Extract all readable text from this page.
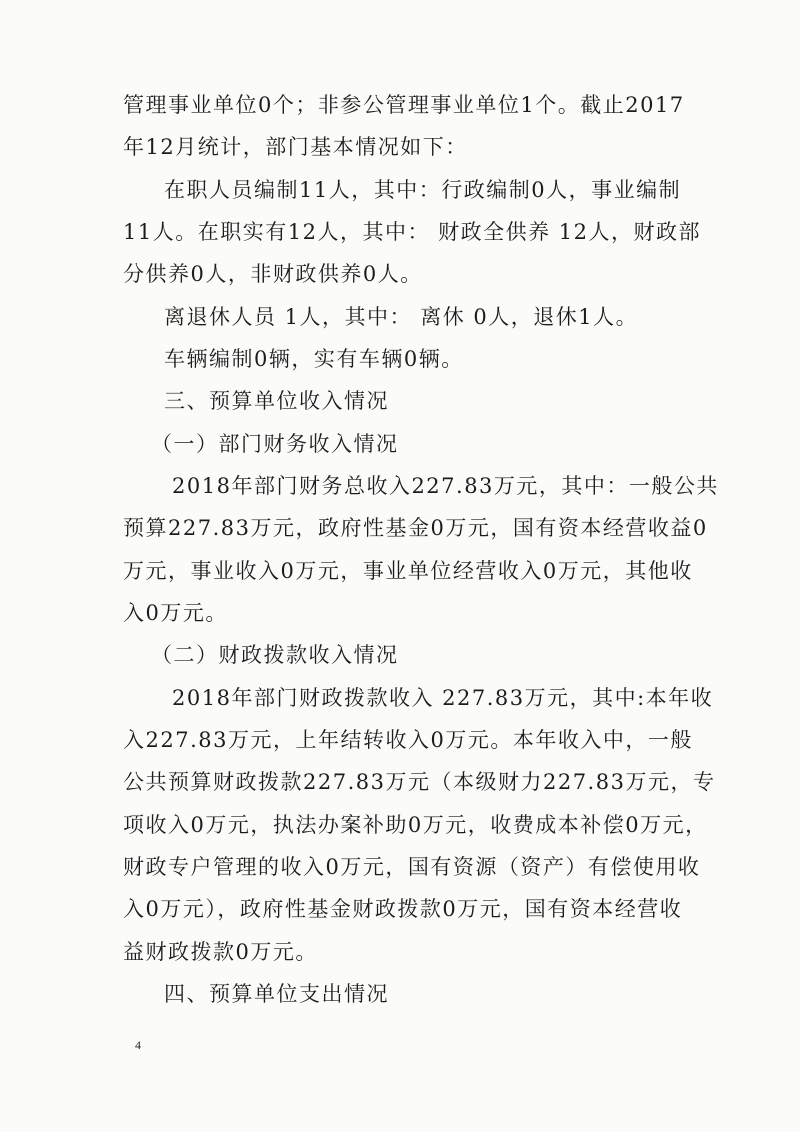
管理事业单位0个；非参公管理事业单位1个。截止2017
年12月统计，部门基本情况如下：
在职人员编制11人，其中：行政编制0人，事业编制
11人。在职实有12人，其中： 财政全供养 12人，财政部
分供养0人，非财政供养0人。
离退休人员 1人，其中： 离休 0人，退休1人。
车辆编制0辆，实有车辆0辆。
三、预算单位收入情况
（一）部门财务收入情况
2018年部门财务总收入227.83万元，其中：一般公共
预算227.83万元，政府性基金0万元，国有资本经营收益0
万元，事业收入0万元，事业单位经营收入0万元，其他收
入0万元。
（二）财政拨款收入情况
2018年部门财政拨款收入 227.83万元，其中:本年收
入227.83万元，上年结转收入0万元。本年收入中，一般
公共预算财政拨款227.83万元（本级财力227.83万元，专
项收入0万元，执法办案补助0万元，收费成本补偿0万元，
财政专户管理的收入0万元，国有资源（资产）有偿使用收
入0万元），政府性基金财政拨款0万元，国有资本经营收
益财政拨款0万元。
四、预算单位支出情况
4
